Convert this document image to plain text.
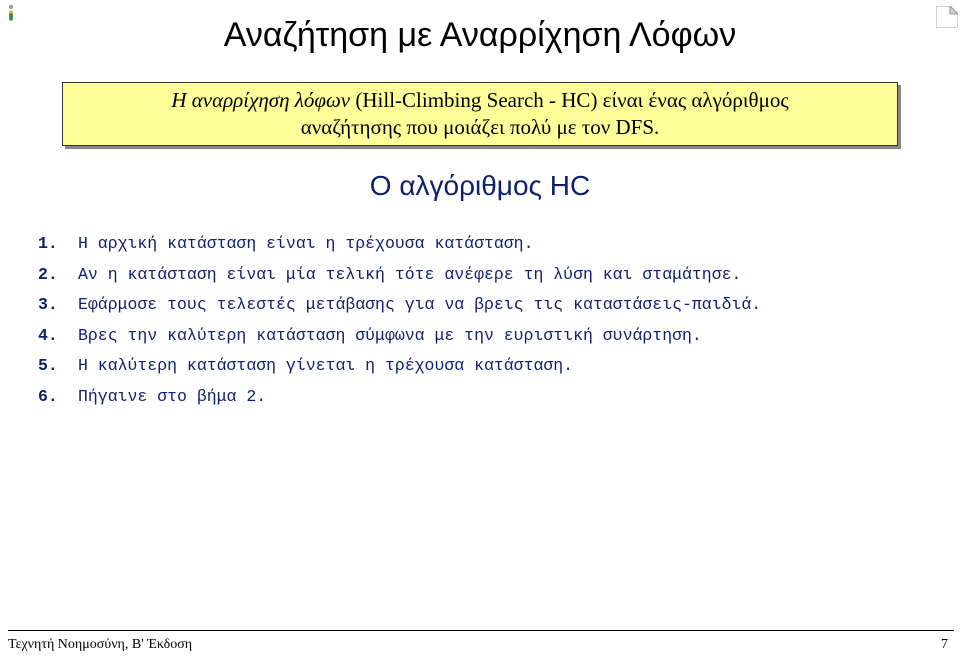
Αναζήτηση με Αναρρίχηση Λόφων
Η αναρρίχηση λόφων (Hill-Climbing Search - HC) είναι ένας αλγόριθμος
αναζήτησης που μοιάζει πολύ με τον DFS.
Ο αλγόριθμος HC
1. Η αρχική κατάσταση είναι η τρέχουσα κατάσταση.
2. Αν η κατάσταση είναι μία τελική τότε ανέφερε τη λύση και σταμάτησε.
3. Εφάρμοσε τους τελεστές μετάβασης για να βρεις τις καταστάσεις-παιδιά.
4. Βρες την καλύτερη κατάσταση σύμφωνα με την ευριστική συνάρτηση.
5. Η καλύτερη κατάσταση γίνεται η τρέχουσα κατάσταση.
6. Πήγαινε στο βήμα 2.
Τεχνητή Νοημοσύνη, B' Έκδοση	7
